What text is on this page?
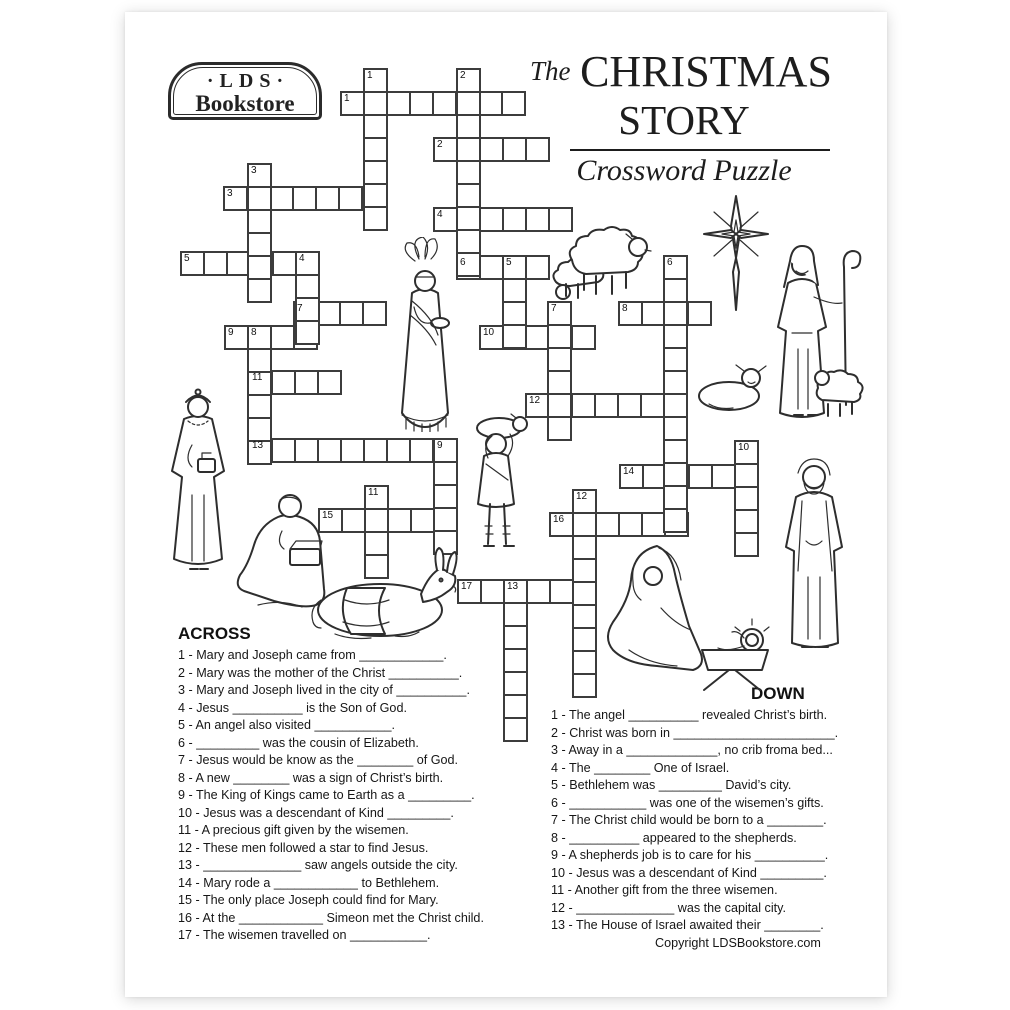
·LDS·
Bookstore
The CHRISTMAS
STORY
Crossword Puzzle
1
2
3
4
5	6
7	8
9	10
11
12
13
14
15	16
17
1	2
3
4	5	6
7
8
9	10
11	12
13
ACROSS
1 - Mary and Joseph came from ____________.
2 - Mary was the mother of the Christ __________.
3 - Mary and Joseph lived in the city of __________.
4 - Jesus __________ is the Son of God.
5 - An angel also visited ___________.
6 - _________ was the cousin of Elizabeth.
7 - Jesus would be know as the ________ of God.
8 - A new ________ was a sign of Christ’s birth.
9 - The King of Kings came to Earth as a _________.
10 - Jesus was a descendant of Kind _________.
11 - A precious gift given by the wisemen.
12 - These men followed a star to find Jesus.
13 - ______________ saw angels outside the city.
14 - Mary rode a ____________ to Bethlehem.
15 - The only place Joseph could find for Mary.
16 - At the ____________ Simeon met the Christ child.
17 - The wisemen travelled on ___________.
DOWN
1 - The angel __________ revealed Christ’s birth.
2 - Christ was born in _______________________.
3 - Away in a _____________, no crib froma bed...
4 - The ________ One of Israel.
5 - Bethlehem was _________ David’s city.
6 - ___________ was one of the wisemen’s gifts.
7 - The Christ child would be born to a ________.
8 - __________ appeared to the shepherds.
9 - A shepherds job is to care for his __________.
10 - Jesus was a descendant of Kind _________.
11 - Another gift from the three wisemen.
12 - ______________ was the capital city.
13 - The House of Israel awaited their ________.
Copyright LDSBookstore.com
